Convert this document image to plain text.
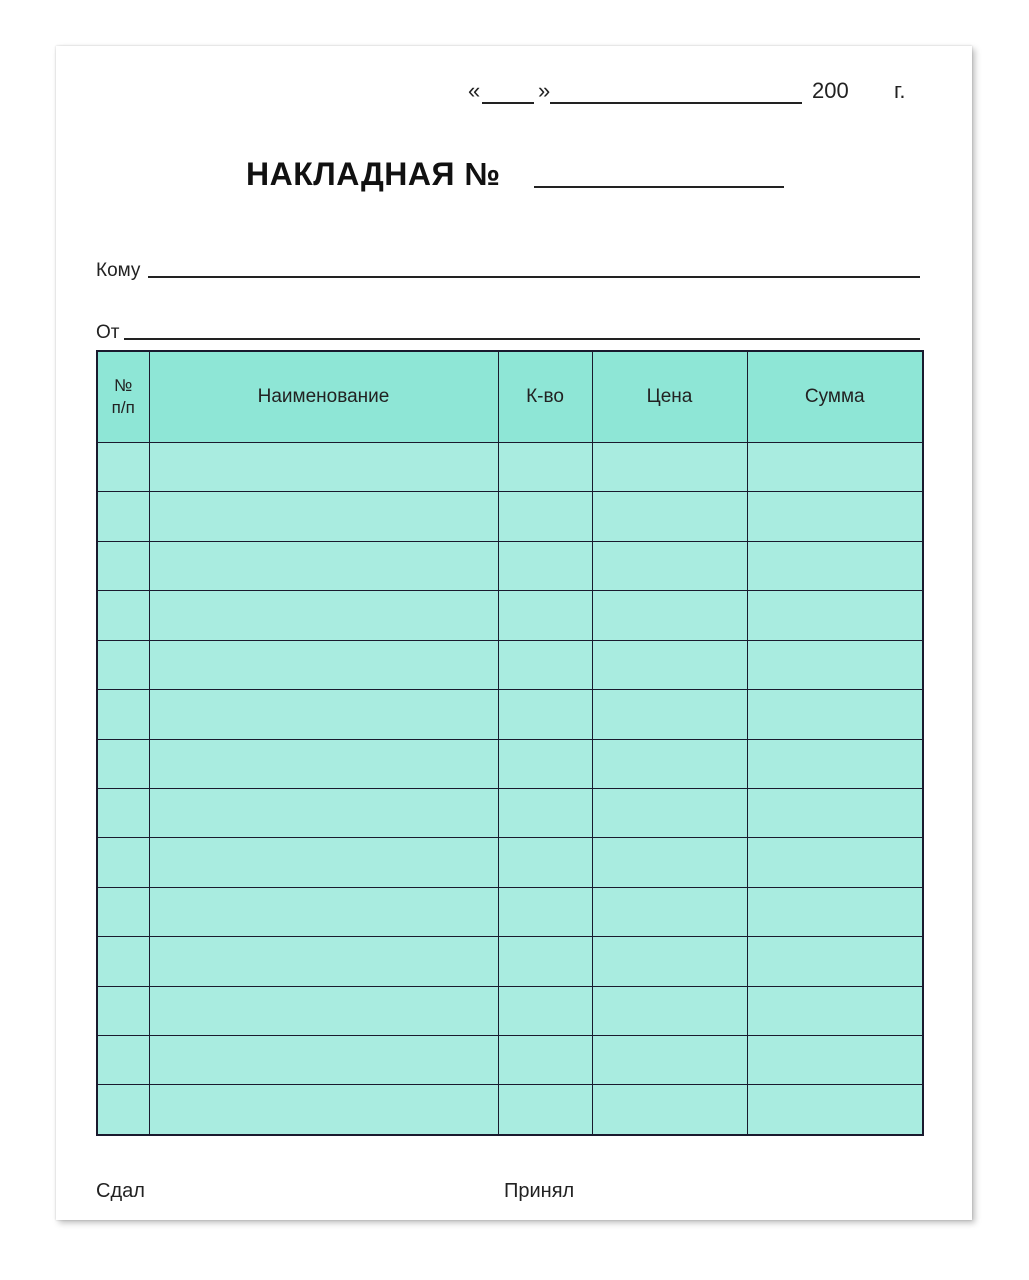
«	»	200 г.
НАКЛАДНАЯ №
Кому
От
№
п/п	Наименование	К-во	Цена	Сумма

Сдал	Принял
